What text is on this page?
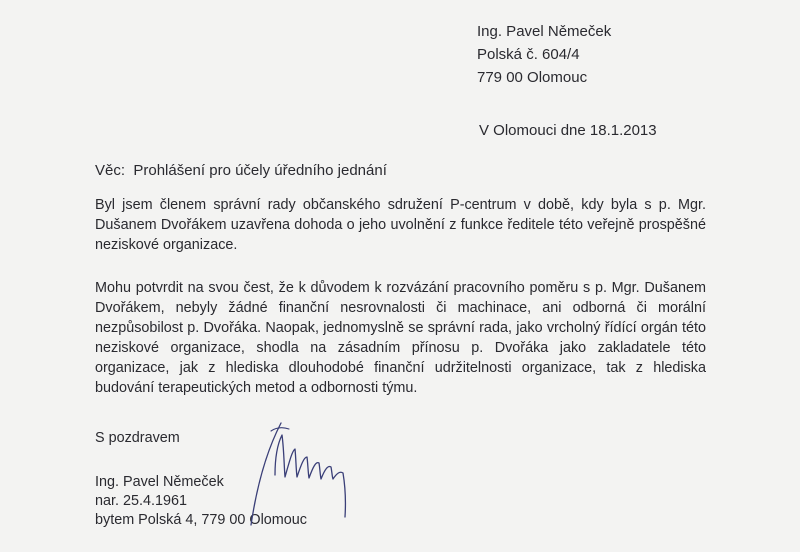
Ing. Pavel Němeček
Polská č. 604/4
779 00 Olomouc
V Olomouci dne 18.1.2013
Věc: Prohlášení pro účely úředního jednání
Byl jsem členem správní rady občanského sdružení P-centrum v době, kdy byla s p. Mgr. Dušanem Dvořákem uzavřena dohoda o jeho uvolnění z funkce ředitele této veřejně prospěšné neziskové organizace.
Mohu potvrdit na svou čest, že k důvodem k rozvázání pracovního poměru s p. Mgr. Dušanem Dvořákem, nebyly žádné finanční nesrovnalosti či machinace, ani odborná či morální nezpůsobilost p. Dvořáka. Naopak, jednomyslně se správní rada, jako vrcholný řídící orgán této neziskové organizace, shodla na zásadním přínosu p. Dvořáka jako zakladatele této organizace, jak z hlediska dlouhodobé finanční udržitelnosti organizace, tak z hlediska budování terapeutických metod a odbornosti týmu.
S pozdravem
Ing. Pavel Němeček
nar. 25.4.1961
bytem Polská 4, 779 00 Olomouc
